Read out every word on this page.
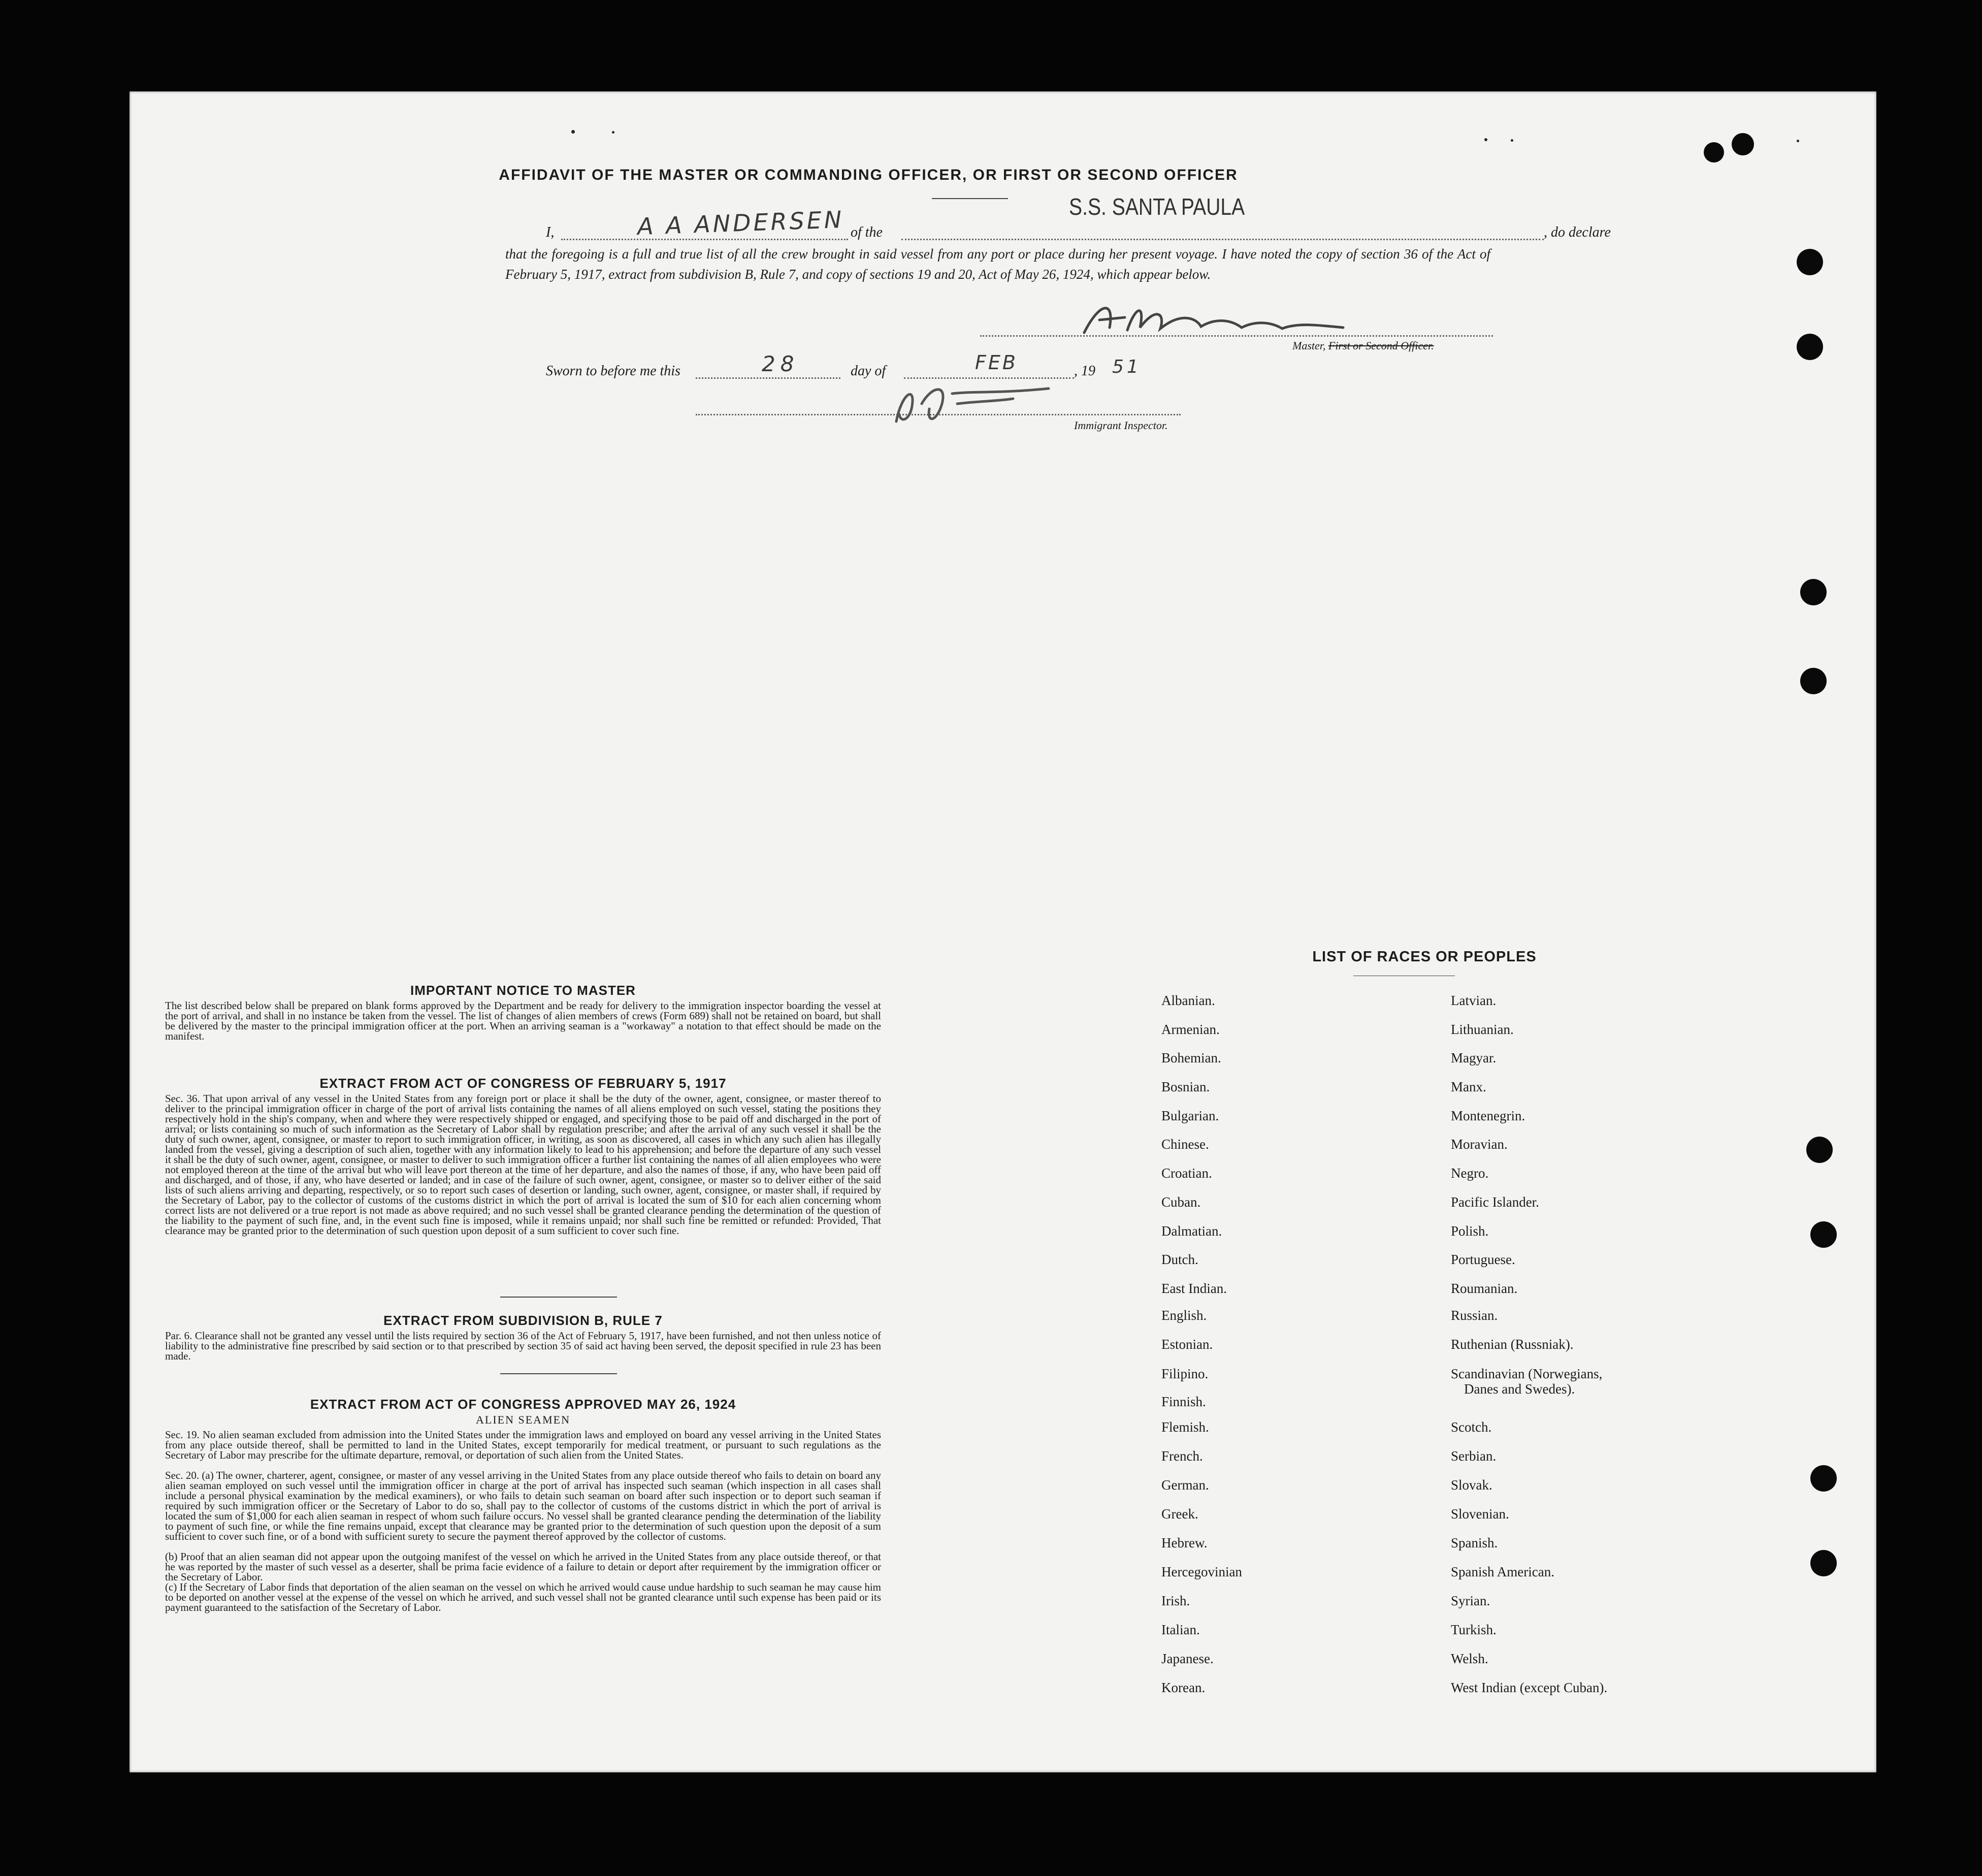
AFFIDAVIT OF THE MASTER OR COMMANDING OFFICER, OR FIRST OR SECOND OFFICER
I,	A A ANDERSEN of the
S.S. SANTA PAULA
, do declare
that the foregoing is a full and true list of all the crew brought in said vessel from any port or place during her present voyage. I have noted the copy of section 36 of the Act of February 5, 1917, extract from subdivision B, Rule 7, and copy of sections 19 and 20, Act of May 26, 1924, which appear below.
Master, First or Second Officer.
Sworn to before me this	28	day of	FEB	, 19 51
Immigrant Inspector.
IMPORTANT NOTICE TO MASTER
The list described below shall be prepared on blank forms approved by the Department and be ready for delivery to the immigration inspector boarding the vessel at the port of arrival, and shall in no instance be taken from the vessel. The list of changes of alien members of crews (Form 689) shall not be retained on board, but shall be delivered by the master to the principal immigration officer at the port. When an arriving seaman is a "workaway" a notation to that effect should be made on the manifest.
EXTRACT FROM ACT OF CONGRESS OF FEBRUARY 5, 1917
Sec. 36. That upon arrival of any vessel in the United States from any foreign port or place it shall be the duty of the owner, agent, consignee, or master thereof to deliver to the principal immigration officer in charge of the port of arrival lists containing the names of all aliens employed on such vessel, stating the positions they respectively hold in the ship's company, when and where they were respectively shipped or engaged, and specifying those to be paid off and discharged in the port of arrival; or lists containing so much of such information as the Secretary of Labor shall by regulation prescribe; and after the arrival of any such vessel it shall be the duty of such owner, agent, consignee, or master to report to such immigration officer, in writing, as soon as discovered, all cases in which any such alien has illegally landed from the vessel, giving a description of such alien, together with any information likely to lead to his apprehension; and before the departure of any such vessel it shall be the duty of such owner, agent, consignee, or master to deliver to such immigration officer a further list containing the names of all alien employees who were not employed thereon at the time of the arrival but who will leave port thereon at the time of her departure, and also the names of those, if any, who have been paid off and discharged, and of those, if any, who have deserted or landed; and in case of the failure of such owner, agent, consignee, or master so to deliver either of the said lists of such aliens arriving and departing, respectively, or so to report such cases of desertion or landing, such owner, agent, consignee, or master shall, if required by the Secretary of Labor, pay to the collector of customs of the customs district in which the port of arrival is located the sum of $10 for each alien concerning whom correct lists are not delivered or a true report is not made as above required; and no such vessel shall be granted clearance pending the determination of the question of the liability to the payment of such fine, and, in the event such fine is imposed, while it remains unpaid; nor shall such fine be remitted or refunded: Provided, That clearance may be granted prior to the determination of such question upon deposit of a sum sufficient to cover such fine.
EXTRACT FROM SUBDIVISION B, RULE 7
Par. 6. Clearance shall not be granted any vessel until the lists required by section 36 of the Act of February 5, 1917, have been furnished, and not then unless notice of liability to the administrative fine prescribed by said section or to that prescribed by section 35 of said act having been served, the deposit specified in rule 23 has been made.
EXTRACT FROM ACT OF CONGRESS APPROVED MAY 26, 1924
ALIEN SEAMEN
Sec. 19. No alien seaman excluded from admission into the United States under the immigration laws and employed on board any vessel arriving in the United States from any place outside thereof, shall be permitted to land in the United States, except temporarily for medical treatment, or pursuant to such regulations as the Secretary of Labor may prescribe for the ultimate departure, removal, or deportation of such alien from the United States.
Sec. 20. (a) The owner, charterer, agent, consignee, or master of any vessel arriving in the United States from any place outside thereof who fails to detain on board any alien seaman employed on such vessel until the immigration officer in charge at the port of arrival has inspected such seaman (which inspection in all cases shall include a personal physical examination by the medical examiners), or who fails to detain such seaman on board after such inspection or to deport such seaman if required by such immigration officer or the Secretary of Labor to do so, shall pay to the collector of customs of the customs district in which the port of arrival is located the sum of $1,000 for each alien seaman in respect of whom such failure occurs. No vessel shall be granted clearance pending the determination of the liability to payment of such fine, or while the fine remains unpaid, except that clearance may be granted prior to the determination of such question upon the deposit of a sum sufficient to cover such fine, or of a bond with sufficient surety to secure the payment thereof approved by the collector of customs.
(b) Proof that an alien seaman did not appear upon the outgoing manifest of the vessel on which he arrived in the United States from any place outside thereof, or that he was reported by the master of such vessel as a deserter, shall be prima facie evidence of a failure to detain or deport after requirement by the immigration officer or the Secretary of Labor.
(c) If the Secretary of Labor finds that deportation of the alien seaman on the vessel on which he arrived would cause undue hardship to such seaman he may cause him to be deported on another vessel at the expense of the vessel on which he arrived, and such vessel shall not be granted clearance until such expense has been paid or its payment guaranteed to the satisfaction of the Secretary of Labor.
LIST OF RACES OR PEOPLES
Albanian.
Armenian.
Bohemian.
Bosnian.
Bulgarian.
Chinese.
Croatian.
Cuban.
Dalmatian.
Dutch.
East Indian.
English.
Estonian.
Filipino.
Finnish.
Flemish.
French.
German.
Greek.
Hebrew.
Hercegovinian
Irish.
Italian.
Japanese.
Korean.
Latvian.
Lithuanian.
Magyar.
Manx.
Montenegrin.
Moravian.
Negro.
Pacific Islander.
Polish.
Portuguese.
Roumanian.
Russian.
Ruthenian (Russniak).
Scandinavian (Norwegians,
Danes and Swedes).
Scotch.
Serbian.
Slovak.
Slovenian.
Spanish.
Spanish American.
Syrian.
Turkish.
Welsh.
West Indian (except Cuban).
